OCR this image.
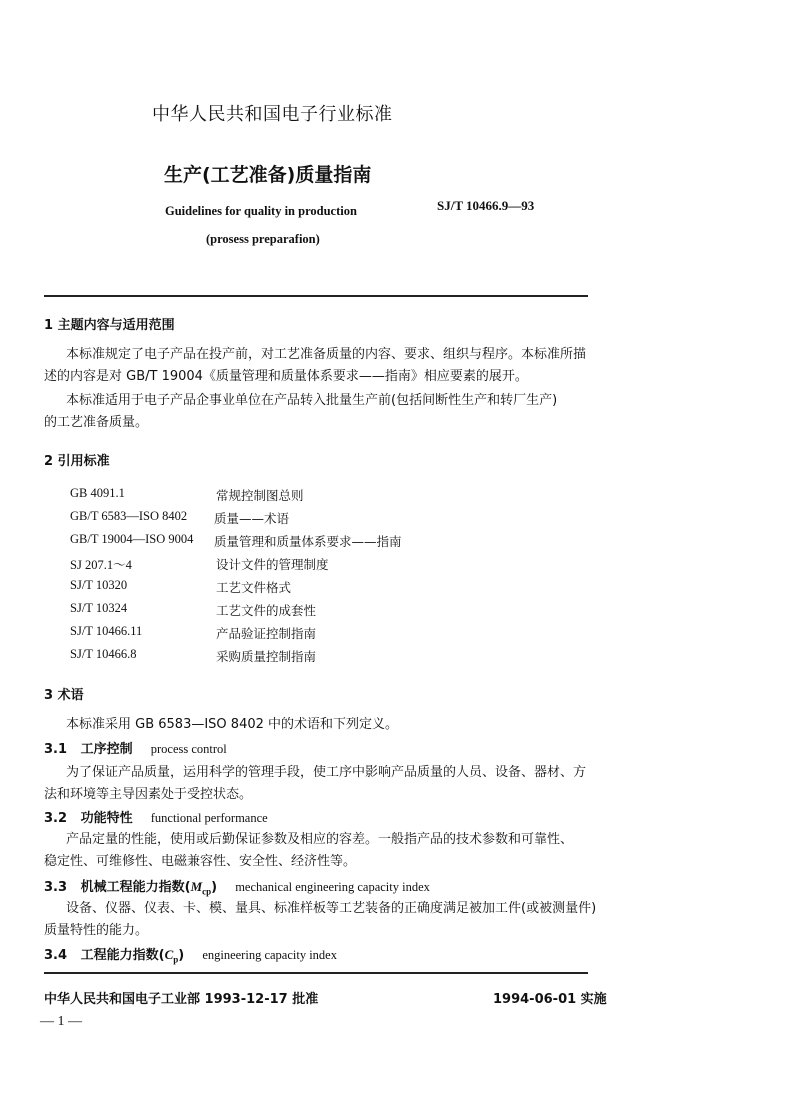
中华人民共和国电子行业标准
生产(工艺准备)质量指南
Guidelines for quality in production
(prosess preparafion)
SJ/T 10466.9—93
1 主题内容与适用范围
本标准规定了电子产品在投产前，对工艺准备质量的内容、要求、组织与程序。本标准所描
述的内容是对 GB/T 19004《质量管理和质量体系要求——指南》相应要素的展开。
本标准适用于电子产品企事业单位在产品转入批量生产前(包括间断性生产和转厂生产)
的工艺准备质量。
2 引用标准
GB 4091.1	常规控制图总则
GB/T 6583—ISO 8402 质量——术语
GB/T 19004—ISO 9004 质量管理和质量体系要求——指南
SJ 207.1～4	设计文件的管理制度
SJ/T 10320	工艺文件格式
SJ/T 10324	工艺文件的成套性
SJ/T 10466.11	产品验证控制指南
SJ/T 10466.8	采购质量控制指南
3 术语
本标准采用 GB 6583—ISO 8402 中的术语和下列定义。
3.1 工序控制 process control
为了保证产品质量，运用科学的管理手段，使工序中影响产品质量的人员、设备、器材、方
法和环境等主导因素处于受控状态。
3.2 功能特性 functional performance
产品定量的性能，使用或后勤保证参数及相应的容差。一般指产品的技术参数和可靠性、
稳定性、可维修性、电磁兼容性、安全性、经济性等。
3.3 机械工程能力指数$(M_{cp})$ mechanical engineering capacity index
设备、仪器、仪表、卡、模、量具、标准样板等工艺装备的正确度满足被加工件(或被测量件)
质量特性的能力。
3.4 工程能力指数$(C_p)$ engineering capacity index
中华人民共和国电子工业部 1993-12-17 批准	1994-06-01 实施
— 1 —
